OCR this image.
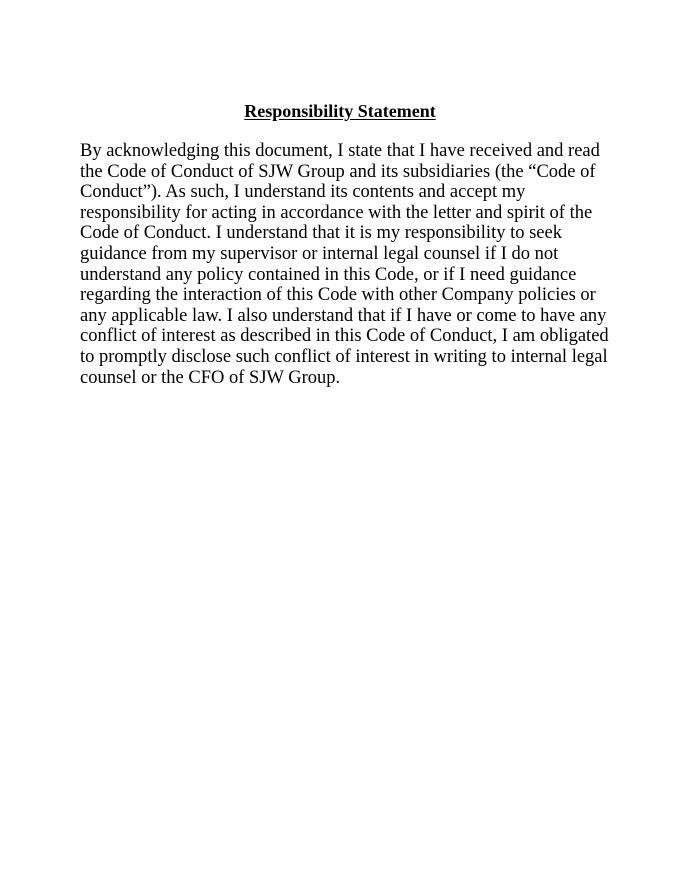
Responsibility Statement

By acknowledging this document, I state that I have received and read
the Code of Conduct of SJW Group and its subsidiaries (the “Code of
Conduct”). As such, I understand its contents and accept my
responsibility for acting in accordance with the letter and spirit of the
Code of Conduct. I understand that it is my responsibility to seek
guidance from my supervisor or internal legal counsel if I do not
understand any policy contained in this Code, or if I need guidance
regarding the interaction of this Code with other Company policies or
any applicable law. I also understand that if I have or come to have any
conflict of interest as described in this Code of Conduct, I am obligated
to promptly disclose such conflict of interest in writing to internal legal
counsel or the CFO of SJW Group.
